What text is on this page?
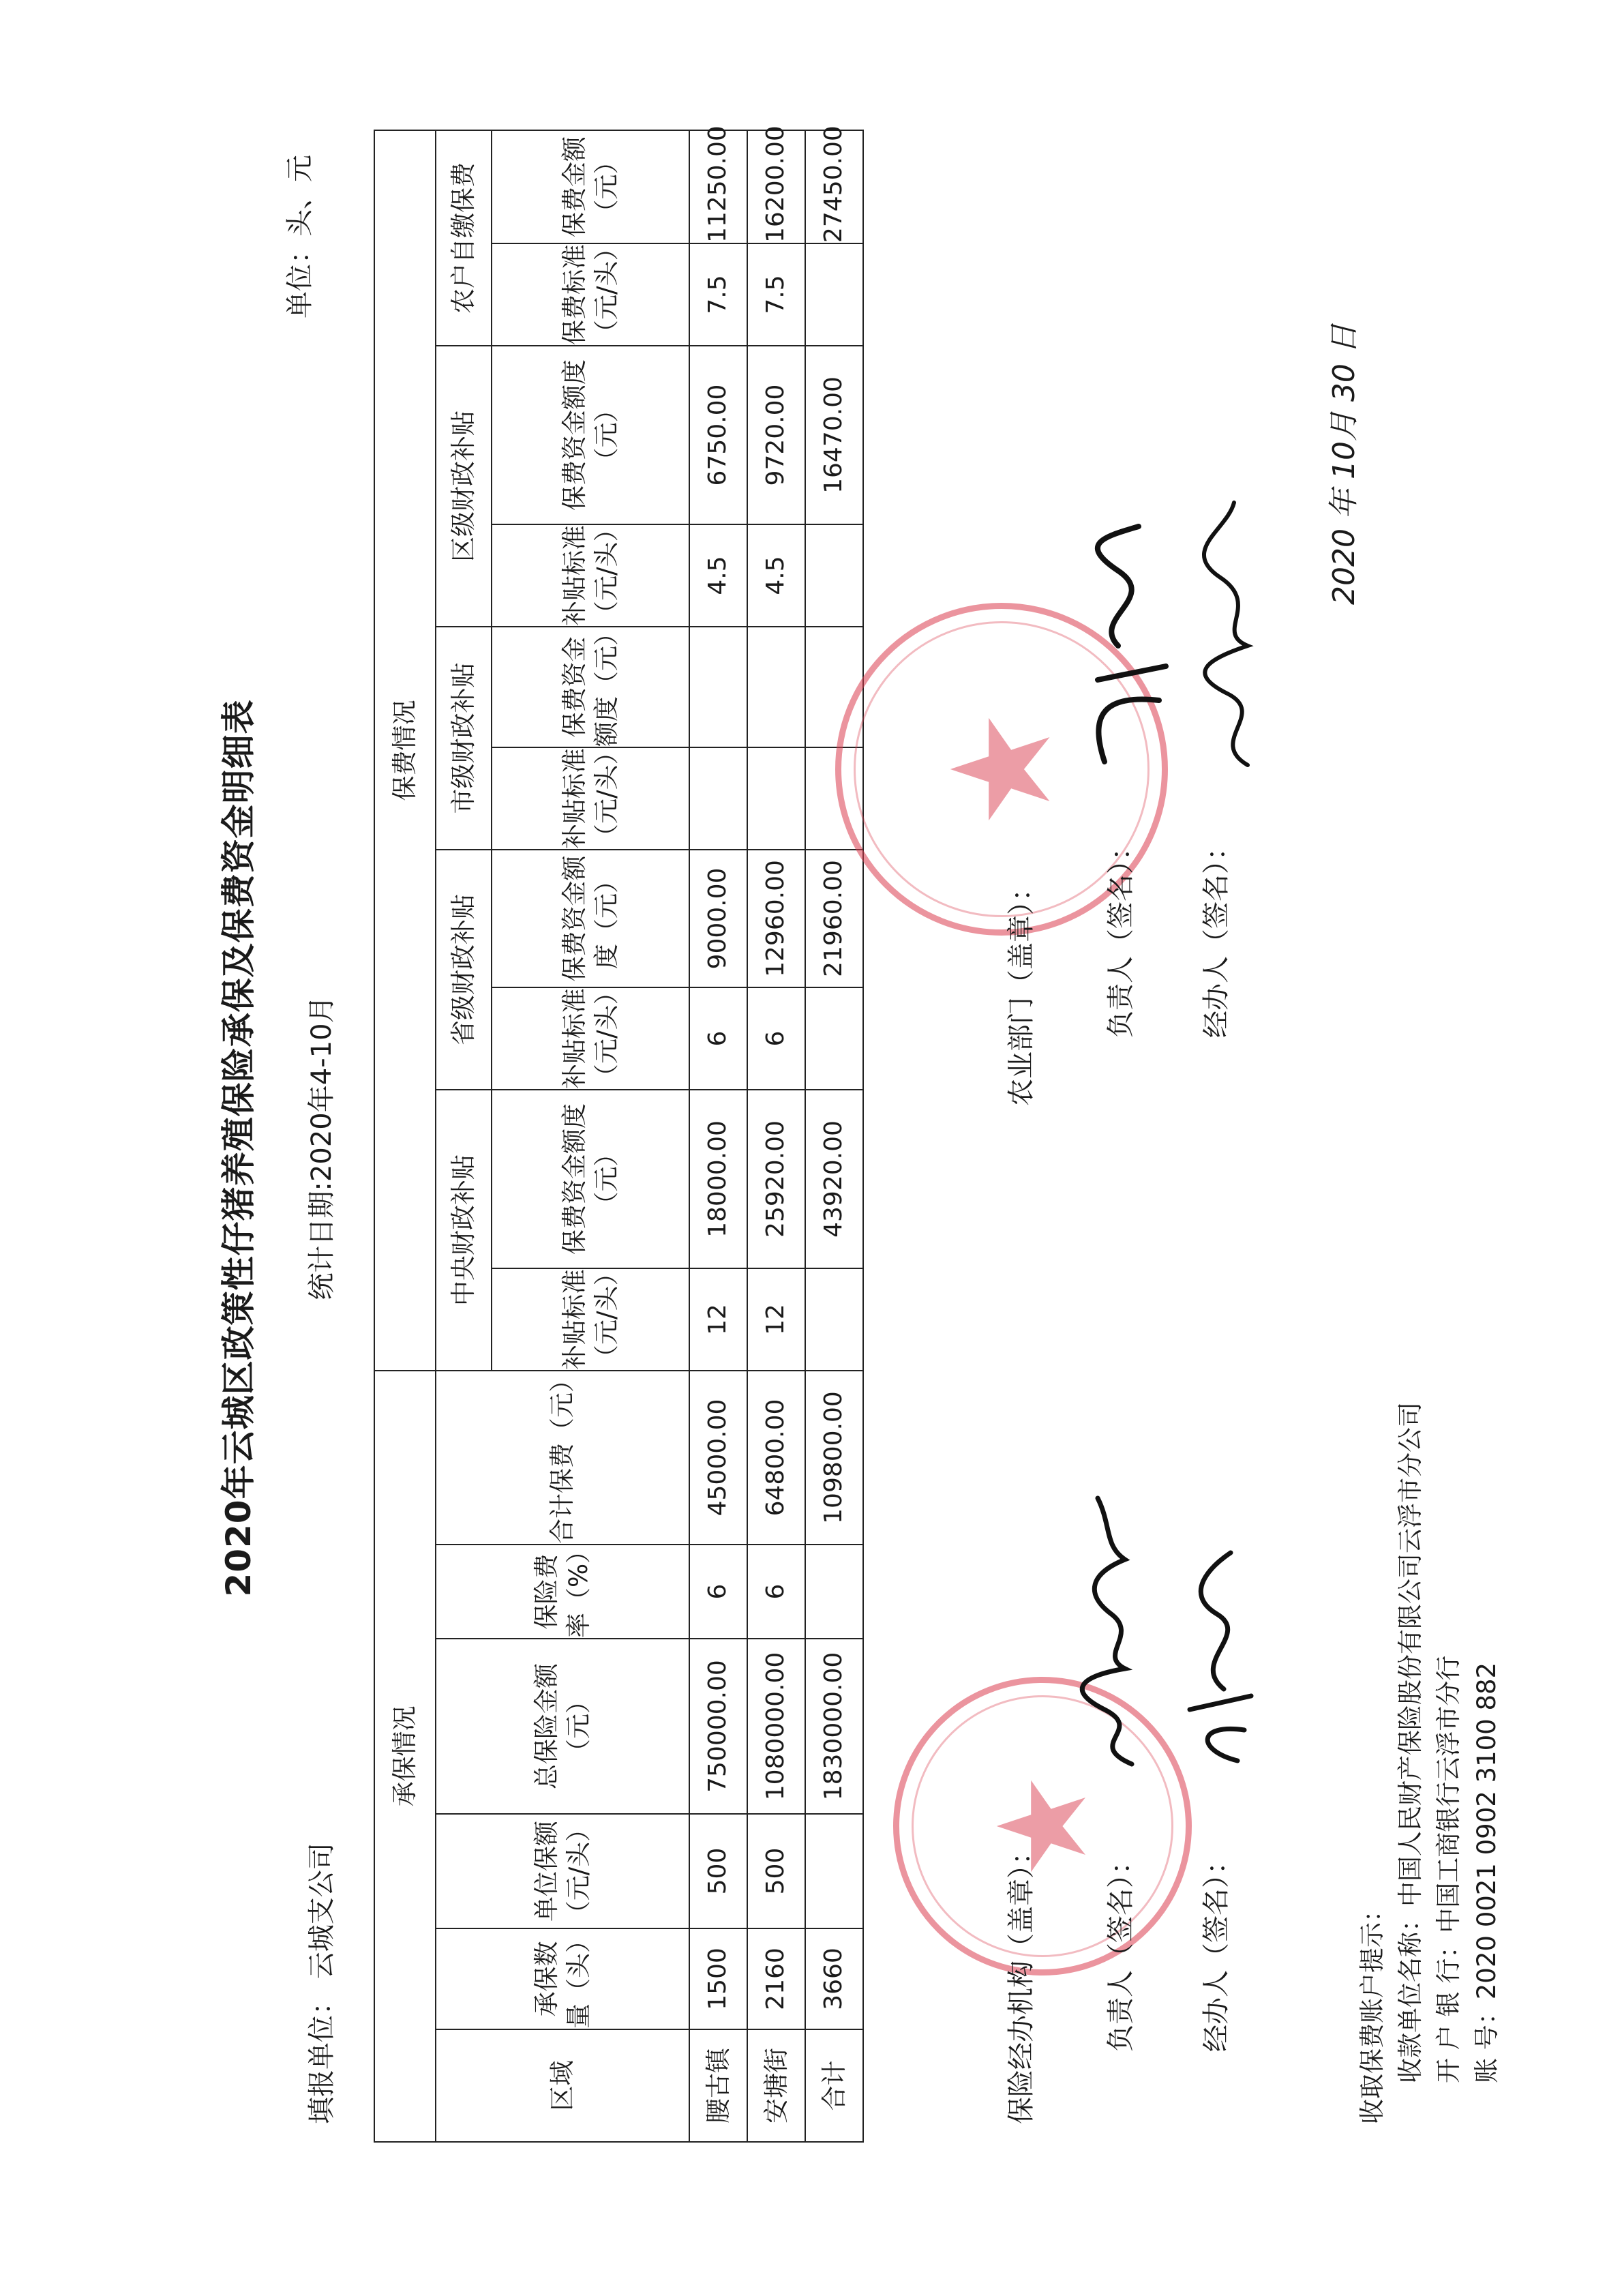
2020年云城区政策性仔猪养殖保险承保及保费资金明细表
填报单位： 云城支公司
统计日期:2020年4-10月
单位：头、元
承保情况						保费情况									
区域	承保数量（头）	单位保额（元/头）	总保险金额（元）	保险费率（%）	合计保费（元）	中央财政补贴		省级财政补贴		市级财政补贴		区级财政补贴		农户自缴保费	
						补贴标准（元/头）	保费资金额度（元）	补贴标准（元/头）	保费资金额度（元）	补贴标准（元/头）	保费资金额度（元）	补贴标准（元/头）	保费资金额度（元）	保费标准（元/头）	保费金额（元）
腰古镇	1500	500	750000.00	6	45000.00	12	18000.00	6	9000.00			4.5	6750.00	7.5	11250.00
安塘街	2160	500	1080000.00	6	64800.00	12	25920.00	6	12960.00			4.5	9720.00	7.5	16200.00
合计	3660		1830000.00		109800.00		43920.00		21960.00				16470.00		27450.00
保险经办机构（盖章）：	负责人（签名）： 经办人（签名）：
农业部门（盖章）：	负责人（签名）： 经办人（签名）：
2020 年 10月 30 日
收取保费账户提示： 收款单位名称：中国人民财产保险股份有限公司云浮市分公司
开 户 银 行：中国工商银行云浮市分行
账 号：2020 0021 0902 3100 882
